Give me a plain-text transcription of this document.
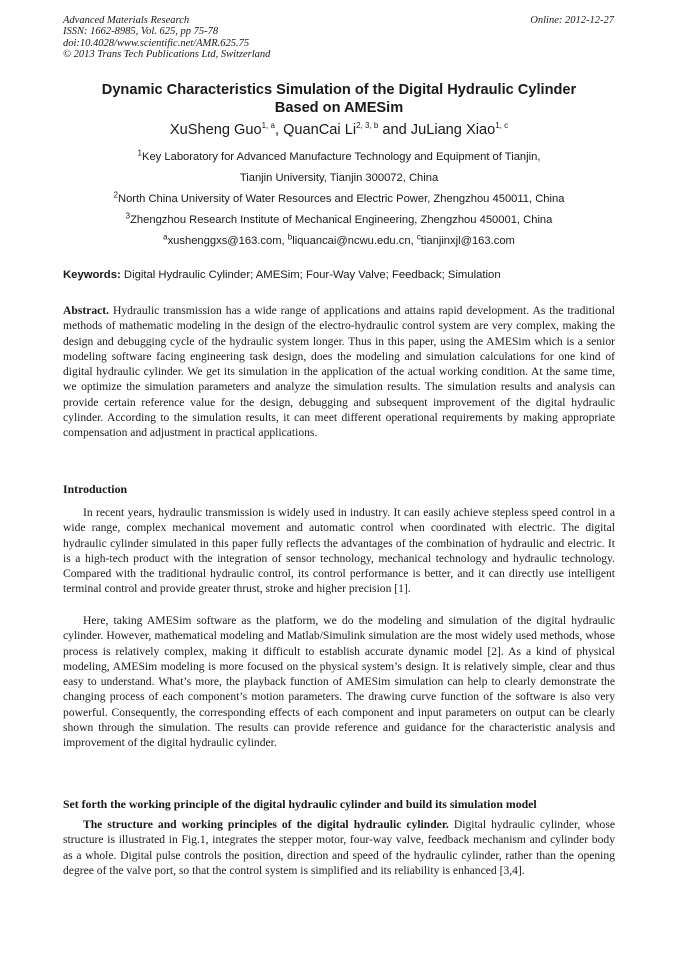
Advanced Materials Research
ISSN: 1662-8985, Vol. 625, pp 75-78
doi:10.4028/www.scientific.net/AMR.625.75
© 2013 Trans Tech Publications Ltd, Switzerland
Online: 2012-12-27
Dynamic Characteristics Simulation of the Digital Hydraulic Cylinder
Based on AMESim
XuSheng Guo$^{1, a}$, QuanCai Li$^{2, 3, b}$ and JuLiang Xiao$^{1, c}$
$^1$Key Laboratory for Advanced Manufacture Technology and Equipment of Tianjin,
Tianjin University, Tianjin 300072, China
$^2$North China University of Water Resources and Electric Power, Zhengzhou 450011, China
$^3$Zhengzhou Research Institute of Mechanical Engineering, Zhengzhou 450001, China
$^a$xushenggxs@163.com, $^b$liquancai@ncwu.edu.cn, $^c$tianjinxjl@163.com
Keywords: Digital Hydraulic Cylinder; AMESim; Four-Way Valve; Feedback; Simulation
Abstract. Hydraulic transmission has a wide range of applications and attains rapid development. As the traditional methods of mathematic modeling in the design of the electro-hydraulic control system are very complex, making the design and debugging cycle of the hydraulic system longer. Thus in this paper, using the AMESim which is a senior modeling software facing engineering task design, does the modeling and simulation calculations for one kind of digital hydraulic cylinder. We get its simulation in the application of the actual working condition. At the same time, we optimize the simulation parameters and analyze the simulation results. The simulation results and analysis can provide certain reference value for the design, debugging and subsequent improvement of the digital hydraulic cylinder. According to the simulation results, it can meet different operational requirements by making appropriate compensation and adjustment in practical applications.
Introduction
In recent years, hydraulic transmission is widely used in industry. It can easily achieve stepless speed control in a wide range, complex mechanical movement and automatic control when coordinated with electric. The digital hydraulic cylinder simulated in this paper fully reflects the advantages of the combination of hydraulic and electric. It is a high-tech product with the integration of sensor technology, mechanical technology and hydraulic technology. Compared with the traditional hydraulic control, its control performance is better, and it can directly use intelligent terminal control and provide greater thrust, stroke and higher precision [1].
Here, taking AMESim software as the platform, we do the modeling and simulation of the digital hydraulic cylinder. However, mathematical modeling and Matlab/Simulink simulation are the most widely used methods, whose process is relatively complex, making it difficult to establish accurate dynamic model [2]. As a kind of physical modeling, AMESim modeling is more focused on the physical system’s design. It is relatively simple, clear and thus easy to understand. What’s more, the playback function of AMESim simulation can help to clearly demonstrate the changing process of each component’s motion parameters. The drawing curve function of the software is also very powerful. Consequently, the corresponding effects of each component and input parameters on output can be clearly shown through the simulation. The results can provide reference and guidance for the characteristic analysis and improvement of the digital hydraulic cylinder.
Set forth the working principle of the digital hydraulic cylinder and build its simulation model
The structure and working principles of the digital hydraulic cylinder. Digital hydraulic cylinder, whose structure is illustrated in Fig.1, integrates the stepper motor, four-way valve, feedback mechanism and cylinder body as a whole. Digital pulse controls the position, direction and speed of the hydraulic cylinder, rather than the opening degree of the valve port, so that the control system is simplified and its reliability is enhanced [3,4].
